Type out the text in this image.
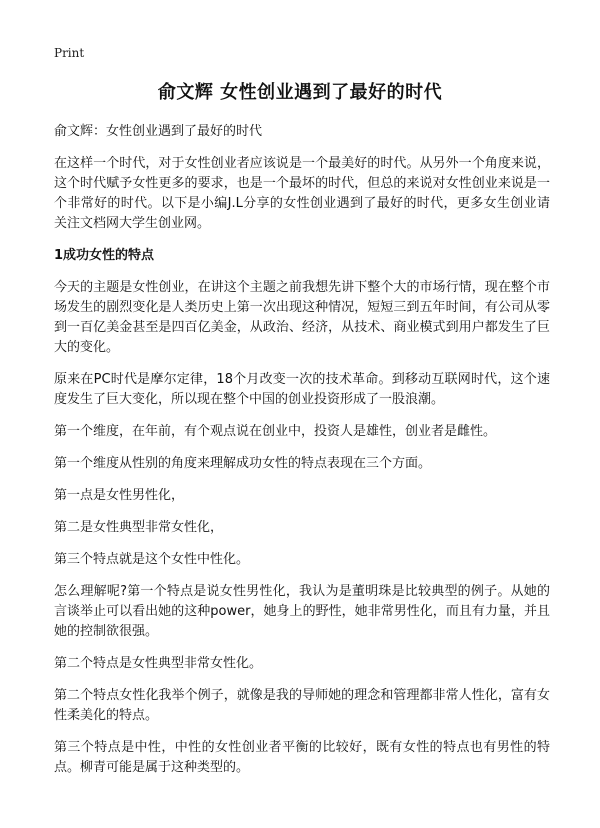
Print
俞文辉 女性创业遇到了最好的时代

俞文辉：女性创业遇到了最好的时代

在这样一个时代，对于女性创业者应该说是一个最美好的时代。从另外一个角度来说，这个时代赋予女性更多的要求，也是一个最坏的时代，但总的来说对女性创业来说是一个非常好的时代。以下是小编J.L分享的女性创业遇到了最好的时代，更多女生创业请关注文档网大学生创业网。

1成功女性的特点

今天的主题是女性创业，在讲这个主题之前我想先讲下整个大的市场行情，现在整个市场发生的剧烈变化是人类历史上第一次出现这种情况，短短三到五年时间，有公司从零到一百亿美金甚至是四百亿美金，从政治、经济，从技术、商业模式到用户都发生了巨大的变化。

原来在PC时代是摩尔定律，18个月改变一次的技术革命。到移动互联网时代，这个速度发生了巨大变化，所以现在整个中国的创业投资形成了一股浪潮。

第一个维度，在年前，有个观点说在创业中，投资人是雄性，创业者是雌性。

第一个维度从性别的角度来理解成功女性的特点表现在三个方面。

第一点是女性男性化，

第二是女性典型非常女性化，

第三个特点就是这个女性中性化。

怎么理解呢?第一个特点是说女性男性化，我认为是董明珠是比较典型的例子。从她的言谈举止可以看出她的这种power，她身上的野性，她非常男性化，而且有力量，并且她的控制欲很强。

第二个特点是女性典型非常女性化。

第二个特点女性化我举个例子，就像是我的导师她的理念和管理都非常人性化，富有女性柔美化的特点。

第三个特点是中性，中性的女性创业者平衡的比较好，既有女性的特点也有男性的特点。柳青可能是属于这种类型的。
